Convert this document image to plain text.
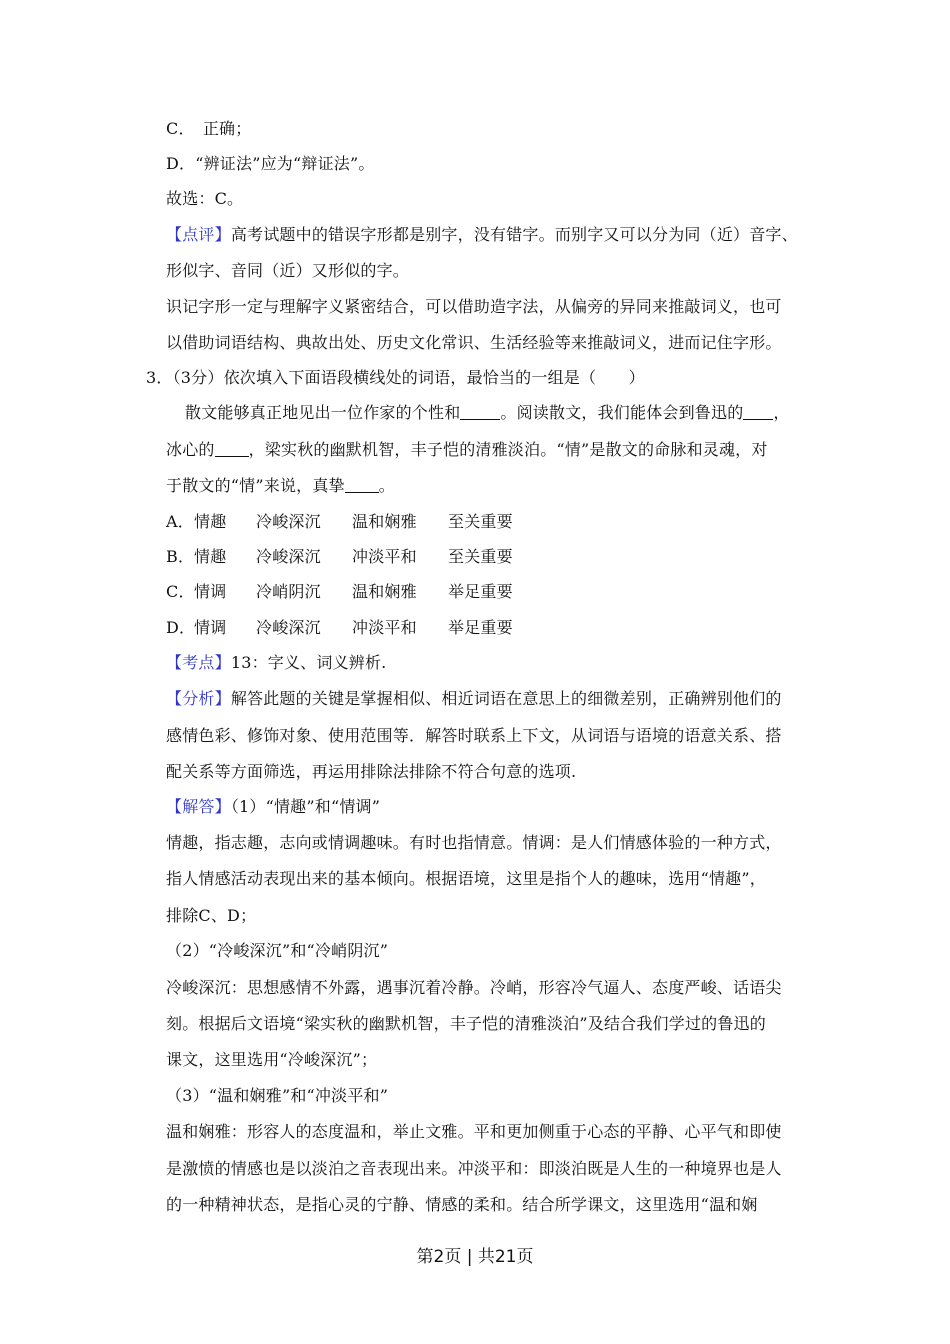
C．　正确；
D．“辨证法”应为“辩证法”。
故选：C。
【点评】高考试题中的错误字形都是别字，没有错字。而别字又可以分为同（近）音字、
形似字、音同（近）又形似的字。
识记字形一定与理解字义紧密结合，可以借助造字法，从偏旁的异同来推敲词义，也可
以借助词语结构、典故出处、历史文化常识、生活经验等来推敲词义，进而记住字形。
3．（3分）依次填入下面语段横线处的词语，最恰当的一组是（　　）
散文能够真正地见出一位作家的个性和	。阅读散文，我们能体会到鲁迅的 ，
冰心的 ，梁实秋的幽默机智，丰子恺的清雅淡泊。“情”是散文的命脉和灵魂，对
于散文的“情”来说，真挚 。
A．情趣 冷峻深沉 温和娴雅 至关重要
B．情趣 冷峻深沉 冲淡平和 至关重要
C．情调 冷峭阴沉 温和娴雅 举足重要
D．情调 冷峻深沉 冲淡平和 举足重要
【考点】13：字义、词义辨析.
【分析】解答此题的关键是掌握相似、相近词语在意思上的细微差别，正确辨别他们的
感情色彩、修饰对象、使用范围等．解答时联系上下文，从词语与语境的语意关系、搭
配关系等方面筛选，再运用排除法排除不符合句意的选项.
【解答】（1）“情趣”和“情调”
情趣，指志趣，志向或情调趣味。有时也指情意。情调：是人们情感体验的一种方式，
指人情感活动表现出来的基本倾向。根据语境，这里是指个人的趣味，选用“情趣”，
排除C、D；
（2）“冷峻深沉”和“冷峭阴沉”
冷峻深沉：思想感情不外露，遇事沉着冷静。冷峭，形容冷气逼人、态度严峻、话语尖
刻。根据后文语境“梁实秋的幽默机智，丰子恺的清雅淡泊”及结合我们学过的鲁迅的
课文，这里选用“冷峻深沉”；
（3）“温和娴雅”和“冲淡平和”
温和娴雅：形容人的态度温和，举止文雅。平和更加侧重于心态的平静、心平气和即使
是激愤的情感也是以淡泊之音表现出来。冲淡平和：即淡泊既是人生的一种境界也是人
的一种精神状态，是指心灵的宁静、情感的柔和。结合所学课文，这里选用“温和娴
第2页 | 共21页
